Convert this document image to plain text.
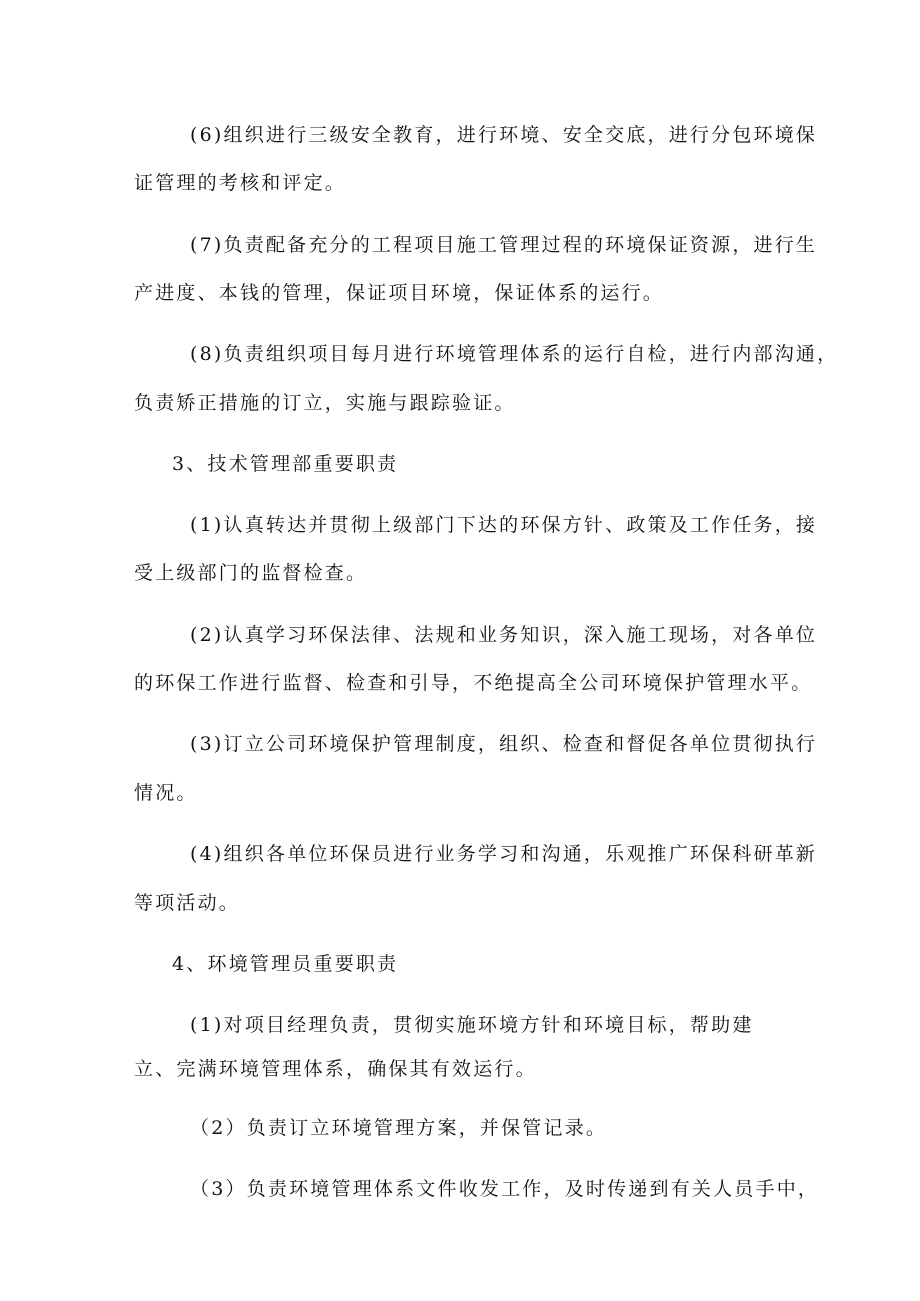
(6)组织进行三级安全教育，进行环境、安全交底，进行分包环境保

证管理的考核和评定。

(7)负责配备充分的工程项目施工管理过程的环境保证资源，进行生

产进度、本钱的管理，保证项目环境，保证体系的运行。

(8)负责组织项目每月进行环境管理体系的运行自检，进行内部沟通，

负责矫正措施的订立，实施与跟踪验证。

3、技术管理部重要职责

(1)认真转达并贯彻上级部门下达的环保方针、政策及工作任务，接

受上级部门的监督检查。

(2)认真学习环保法律、法规和业务知识，深入施工现场，对各单位

的环保工作进行监督、检查和引导，不绝提高全公司环境保护管理水平。

(3)订立公司环境保护管理制度，组织、检查和督促各单位贯彻执行

情况。

(4)组织各单位环保员进行业务学习和沟通，乐观推广环保科研革新

等项活动。

4、环境管理员重要职责

(1)对项目经理负责，贯彻实施环境方针和环境目标，帮助建

立、完满环境管理体系，确保其有效运行。

（2）负责订立环境管理方案，并保管记录。

（3）负责环境管理体系文件收发工作，及时传递到有关人员手中，
